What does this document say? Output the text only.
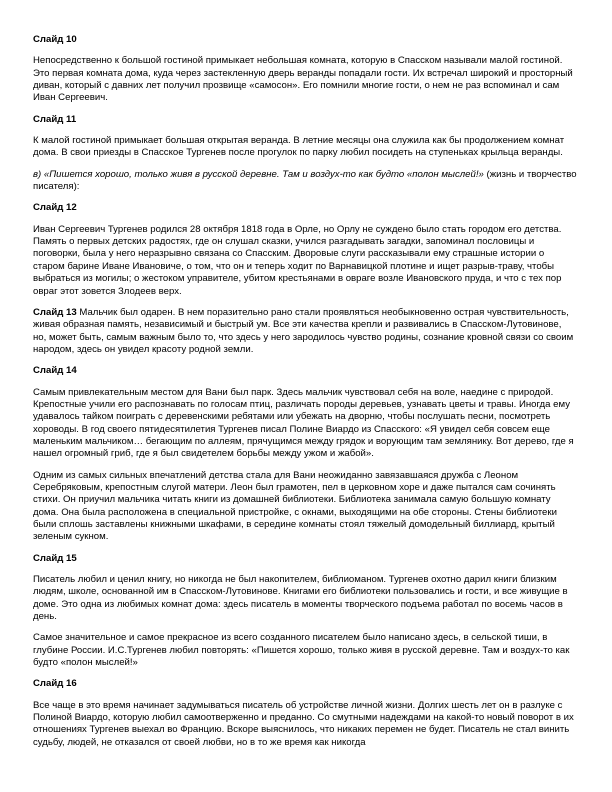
Слайд 10

Непосредственно к большой гостиной примыкает небольшая комната, которую в Спасском называли малой гостиной. Это первая комната дома, куда через застекленную дверь веранды попадали гости. Их встречал широкий и просторный диван, который с давних лет получил прозвище «самосон». Его помнили многие гости, о нем не раз вспоминал и сам Иван Сергеевич.

Слайд 11

К малой гостиной примыкает большая открытая веранда. В летние месяцы она служила как бы продолжением комнат дома. В свои приезды в Спасское Тургенев после прогулок по парку любил посидеть на ступеньках крыльца веранды.

в) «Пишется хорошо, только живя в русской деревне. Там и воздух-то как будто «полон мыслей!» (жизнь и творчество писателя):

Слайд 12

Иван Сергеевич Тургенев родился 28 октября 1818 года в Орле, но Орлу не суждено было стать городом его детства. Память о первых детских радостях, где он слушал сказки, учился разгадывать загадки, запоминал пословицы и поговорки, была у него неразрывно связана со Спасским. Дворовые слуги рассказывали ему страшные истории о старом барине Иване Ивановиче, о том, что он и теперь ходит по Варнавицкой плотине и ищет разрыв-траву, чтобы выбраться из могилы; о жестоком управителе, убитом крестьянами в овраге возле Ивановского пруда, и что с тех пор овраг этот зовется Злодеев верх.

Слайд 13 Мальчик был одарен. В нем поразительно рано стали проявляться необыкновенно острая чувствительность, живая образная память, независимый и быстрый ум. Все эти качества крепли и развивались в Спасском-Лутовинове, но, может быть, самым важным было то, что здесь у него зародилось чувство родины, сознание кровной связи со своим народом, здесь он увидел красоту родной земли.

Слайд 14

Самым привлекательным местом для Вани был парк. Здесь мальчик чувствовал себя на воле, наедине с природой. Крепостные учили его распознавать по голосам птиц, различать породы деревьев, узнавать цветы и травы. Иногда ему удавалось тайком поиграть с деревенскими ребятами или убежать на дворню, чтобы послушать песни, посмотреть хороводы. В год своего пятидесятилетия Тургенев писал Полине Виардо из Спасского: «Я увидел себя совсем еще маленьким мальчиком… бегающим по аллеям, прячущимся между грядок и ворующим там землянику. Вот дерево, где я нашел огромный гриб, где я был свидетелем борьбы между ужом и жабой».

Одним из самых сильных впечатлений детства стала для Вани неожиданно завязавшаяся дружба с Леоном Серебряковым, крепостным слугой матери. Леон был грамотен, пел в церковном хоре и даже пытался сам сочинять стихи. Он приучил мальчика читать книги из домашней библиотеки. Библиотека занимала самую большую комнату дома. Она была расположена в специальной пристройке, с окнами, выходящими на обе стороны. Стены библиотеки были сплошь заставлены книжными шкафами, в середине комнаты стоял тяжелый домодельный биллиард, крытый зеленым сукном.

Слайд 15

Писатель любил и ценил книгу, но никогда не был накопителем, библиоманом. Тургенев охотно дарил книги близким людям, школе, основанной им в Спасском-Лутовинове. Книгами его библиотеки пользовались и гости, и все живущие в доме. Это одна из любимых комнат дома: здесь писатель в моменты творческого подъема работал по восемь часов в день.

Самое значительное и самое прекрасное из всего созданного писателем было написано здесь, в сельской тиши, в глубине России. И.С.Тургенев любил повторять: «Пишется хорошо, только живя в русской деревне. Там и воздух-то как будто «полон мыслей!»

Слайд 16

Все чаще в это время начинает задумываться писатель об устройстве личной жизни. Долгих шесть лет он в разлуке с Полиной Виардо, которую любил самоотверженно и преданно. Со смутными надеждами на какой-то новый поворот в их отношениях Тургенев выехал во Францию. Вскоре выяснилось, что никаких перемен не будет. Писатель не стал винить судьбу, людей, не отказался от своей любви, но в то же время как никогда
